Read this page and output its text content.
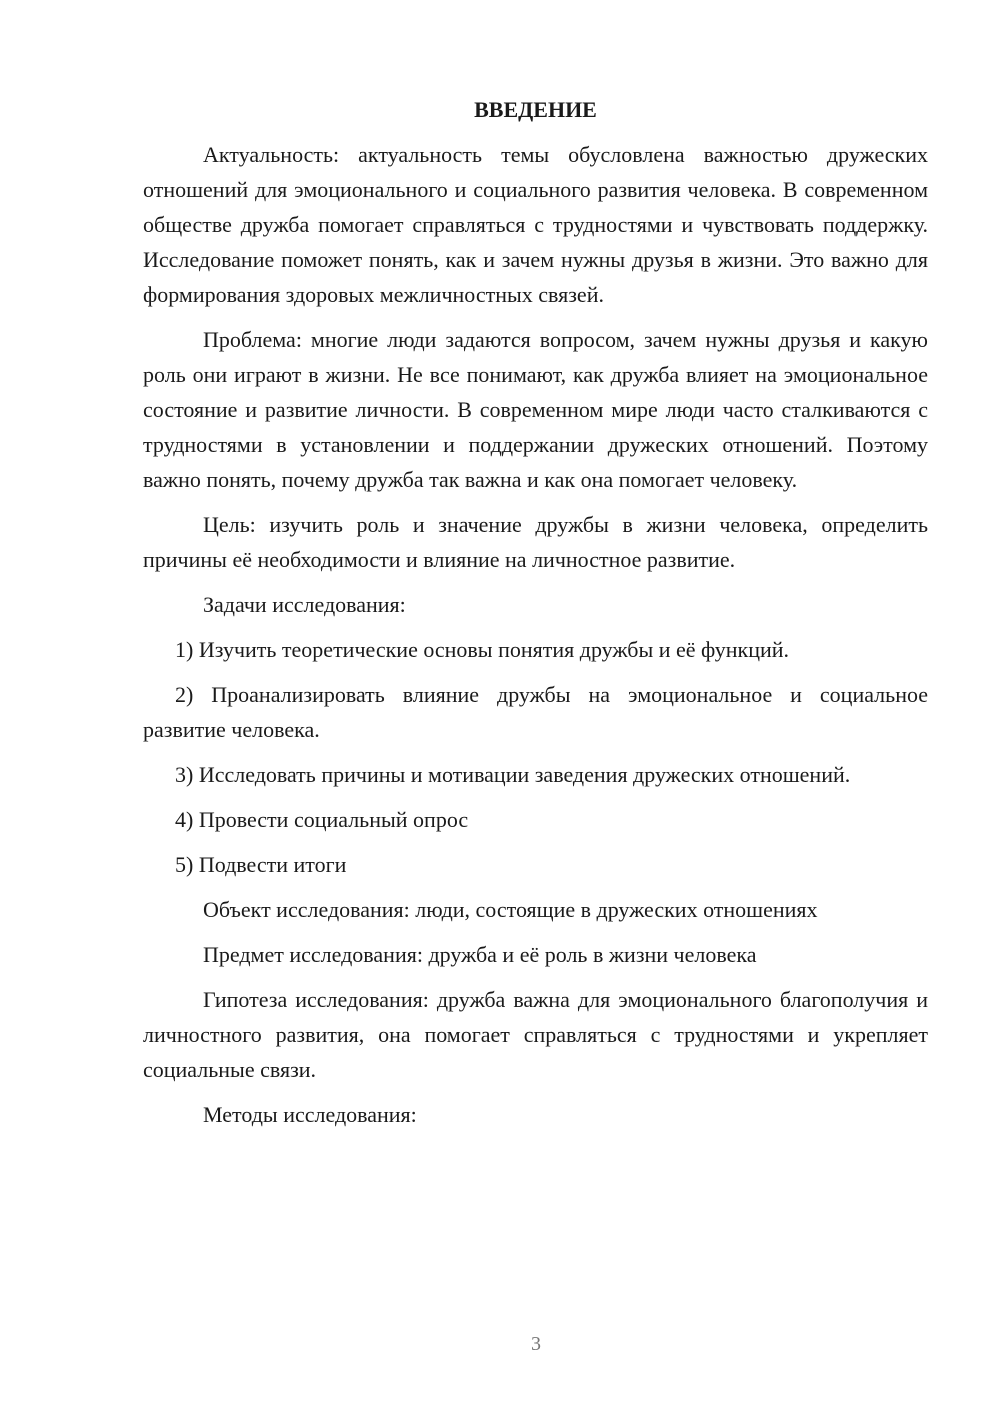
ВВЕДЕНИЕ

Актуальность: актуальность темы обусловлена важностью дружеских отношений для эмоционального и социального развития человека. В современном обществе дружба помогает справляться с трудностями и чувствовать поддержку. Исследование поможет понять, как и зачем нужны друзья в жизни. Это важно для формирования здоровых межличностных связей.

Проблема: многие люди задаются вопросом, зачем нужны друзья и какую роль они играют в жизни. Не все понимают, как дружба влияет на эмоциональное состояние и развитие личности. В современном мире люди часто сталкиваются с трудностями в установлении и поддержании дружеских отношений. Поэтому важно понять, почему дружба так важна и как она помогает человеку.

Цель: изучить роль и значение дружбы в жизни человека, определить причины её необходимости и влияние на личностное развитие.

Задачи исследования:

1) Изучить теоретические основы понятия дружбы и её функций.

2) Проанализировать влияние дружбы на эмоциональное и социальное развитие человека.

3) Исследовать причины и мотивации заведения дружеских отношений.

4) Провести социальный опрос

5) Подвести итоги

Объект исследования: люди, состоящие в дружеских отношениях

Предмет исследования: дружба и её роль в жизни человека

Гипотеза исследования: дружба важна для эмоционального благополучия и личностного развития, она помогает справляться с трудностями и укрепляет социальные связи.

Методы исследования:

3
